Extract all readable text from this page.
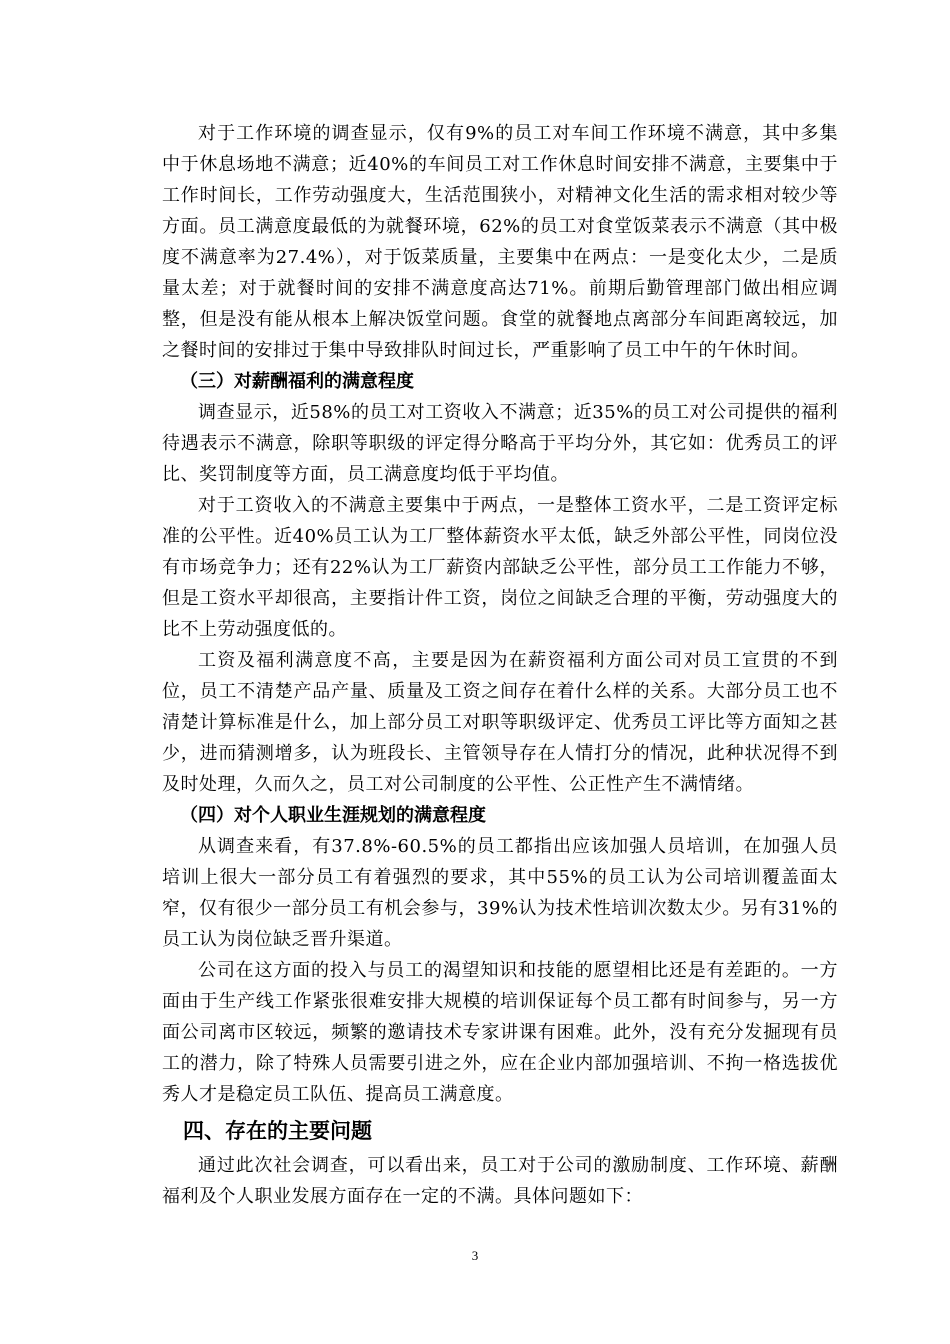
对于工作环境的调查显示，仅有9%的员工对车间工作环境不满意，其中多集中于休息场地不满意；近40%的车间员工对工作休息时间安排不满意，主要集中于工作时间长，工作劳动强度大，生活范围狭小，对精神文化生活的需求相对较少等方面。员工满意度最低的为就餐环境，62%的员工对食堂饭菜表示不满意（其中极度不满意率为27.4%），对于饭菜质量，主要集中在两点：一是变化太少，二是质量太差；对于就餐时间的安排不满意度高达71%。前期后勤管理部门做出相应调整，但是没有能从根本上解决饭堂问题。食堂的就餐地点离部分车间距离较远，加之餐时间的安排过于集中导致排队时间过长，严重影响了员工中午的午休时间。

（三）对薪酬福利的满意程度

调查显示，近58%的员工对工资收入不满意；近35%的员工对公司提供的福利待遇表示不满意，除职等职级的评定得分略高于平均分外，其它如：优秀员工的评比、奖罚制度等方面，员工满意度均低于平均值。

对于工资收入的不满意主要集中于两点，一是整体工资水平，二是工资评定标准的公平性。近40%员工认为工厂整体薪资水平太低，缺乏外部公平性，同岗位没有市场竞争力；还有22%认为工厂薪资内部缺乏公平性，部分员工工作能力不够，但是工资水平却很高，主要指计件工资，岗位之间缺乏合理的平衡，劳动强度大的比不上劳动强度低的。

工资及福利满意度不高，主要是因为在薪资福利方面公司对员工宣贯的不到位，员工不清楚产品产量、质量及工资之间存在着什么样的关系。大部分员工也不清楚计算标准是什么，加上部分员工对职等职级评定、优秀员工评比等方面知之甚少，进而猜测增多，认为班段长、主管领导存在人情打分的情况，此种状况得不到及时处理，久而久之，员工对公司制度的公平性、公正性产生不满情绪。

（四）对个人职业生涯规划的满意程度

从调查来看，有37.8%-60.5%的员工都指出应该加强人员培训，在加强人员培训上很大一部分员工有着强烈的要求，其中55%的员工认为公司培训覆盖面太窄，仅有很少一部分员工有机会参与，39%认为技术性培训次数太少。另有31%的员工认为岗位缺乏晋升渠道。

公司在这方面的投入与员工的渴望知识和技能的愿望相比还是有差距的。一方面由于生产线工作紧张很难安排大规模的培训保证每个员工都有时间参与，另一方面公司离市区较远，频繁的邀请技术专家讲课有困难。此外，没有充分发掘现有员工的潜力，除了特殊人员需要引进之外，应在企业内部加强培训、不拘一格选拔优秀人才是稳定员工队伍、提高员工满意度。

四、存在的主要问题

通过此次社会调查，可以看出来，员工对于公司的激励制度、工作环境、薪酬福利及个人职业发展方面存在一定的不满。具体问题如下：

3
